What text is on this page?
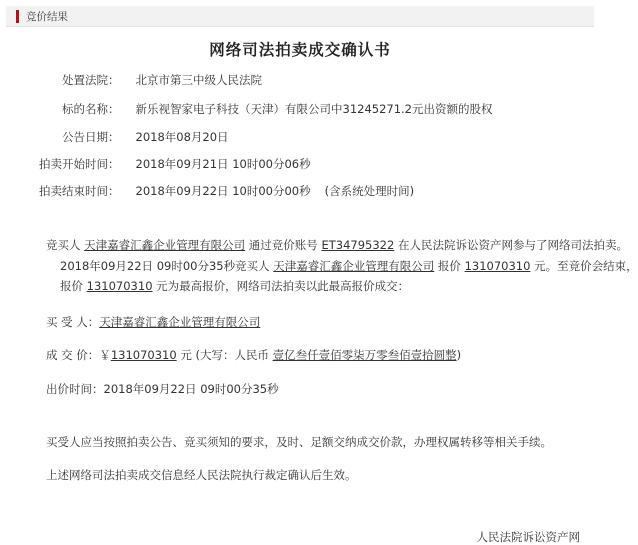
竞价结果
网络司法拍卖成交确认书
处置法院： 北京市第三中级人民法院
标的名称： 新乐视智家电子科技（天津）有限公司中31245271.2元出资额的股权
公告日期： 2018年08月20日
拍卖开始时间： 2018年09月21日 10时00分06秒
拍卖结束时间： 2018年09月22日 10时00分00秒 (含系统处理时间)
竞买人 天津嘉睿汇鑫企业管理有限公司 通过竞价账号 ET34795322 在人民法院诉讼资产网参与了网络司法拍卖。
2018年09月22日 09时00分35秒竞买人 天津嘉睿汇鑫企业管理有限公司 报价 131070310 元。至竞价会结束，
报价 131070310 元为最高报价，网络司法拍卖以此最高报价成交：
买 受 人：天津嘉睿汇鑫企业管理有限公司
成 交 价：￥131070310 元 (大写：人民币 壹亿叁仟壹佰零柒万零叁佰壹拾圆整)
出价时间：2018年09月22日 09时00分35秒
买受人应当按照拍卖公告、竞买须知的要求，及时、足额交纳成交价款，办理权属转移等相关手续。
上述网络司法拍卖成交信息经人民法院执行裁定确认后生效。
人民法院诉讼资产网
